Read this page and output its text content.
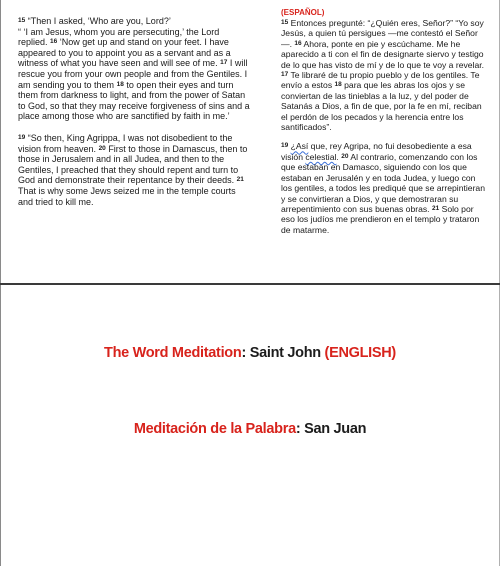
$^{15}$ “Then I asked, ‘Who are you, Lord?’
“ ‘I am Jesus, whom you are persecuting,’ the Lord replied. $^{16}$ ‘Now get up and stand on your feet. I have appeared to you to appoint you as a servant and as a witness of what you have seen and will see of me. $^{17}$ I will rescue you from your own people and from the Gentiles. I am sending you to them $^{18}$ to open their eyes and turn them from darkness to light, and from the power of Satan to God, so that they may receive forgiveness of sins and a place among those who are sanctified by faith in me.’

$^{19}$ “So then, King Agrippa, I was not disobedient to the vision from heaven. $^{20}$ First to those in Damascus, then to those in Jerusalem and in all Judea, and then to the Gentiles, I preached that they should repent and turn to God and demonstrate their repentance by their deeds. $^{21}$ That is why some Jews seized me in the temple courts and tried to kill me.

(ESPAÑOL)

$^{15}$ Entonces pregunté: “¿Quién eres, Señor?” “Yo soy Jesús, a quien tú persigues —me contestó el Señor—. $^{16}$ Ahora, ponte en pie y escúchame. Me he aparecido a ti con el fin de designarte siervo y testigo de lo que has visto de mí y de lo que te voy a revelar. $^{17}$ Te libraré de tu propio pueblo y de los gentiles. Te envío a estos $^{18}$ para que les abras los ojos y se conviertan de las tinieblas a la luz, y del poder de Satanás a Dios, a fin de que, por la fe en mí, reciban el perdón de los pecados y la herencia entre los santificados”.

$^{19}$ ¿Así que, rey Agripa, no fui desobediente a esa visión celestial. $^{20}$ Al contrario, comenzando con los que estaban en Damasco, siguiendo con los que estaban en Jerusalén y en toda Judea, y luego con los gentiles, a todos les prediqué que se arrepintieran y se convirtieran a Dios, y que demostraran su arrepentimiento con sus buenas obras. $^{21}$ Solo por eso los judíos me prendieron en el templo y trataron de matarme.

The Word Meditation: Saint John (ENGLISH)
Meditación de la Palabra: San Juan
